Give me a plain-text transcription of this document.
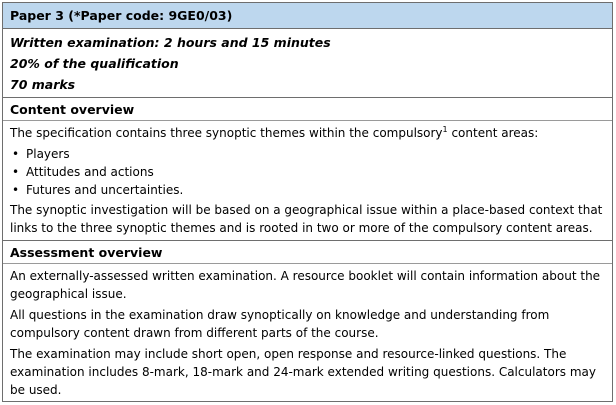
Paper 3 (*Paper code: 9GE0/03)
Written examination: 2 hours and 15 minutes
20% of the qualification
70 marks
Content overview
The specification contains three synoptic themes within the compulsory$^1$ content areas:
• Players
• Attitudes and actions
• Futures and uncertainties.
The synoptic investigation will be based on a geographical issue within a place-based context that links to the three synoptic themes and is rooted in two or more of the compulsory content areas.
Assessment overview
An externally-assessed written examination. A resource booklet will contain information about the geographical issue.
All questions in the examination draw synoptically on knowledge and understanding from compulsory content drawn from different parts of the course.
The examination may include short open, open response and resource-linked questions. The examination includes 8-mark, 18-mark and 24-mark extended writing questions. Calculators may be used.
